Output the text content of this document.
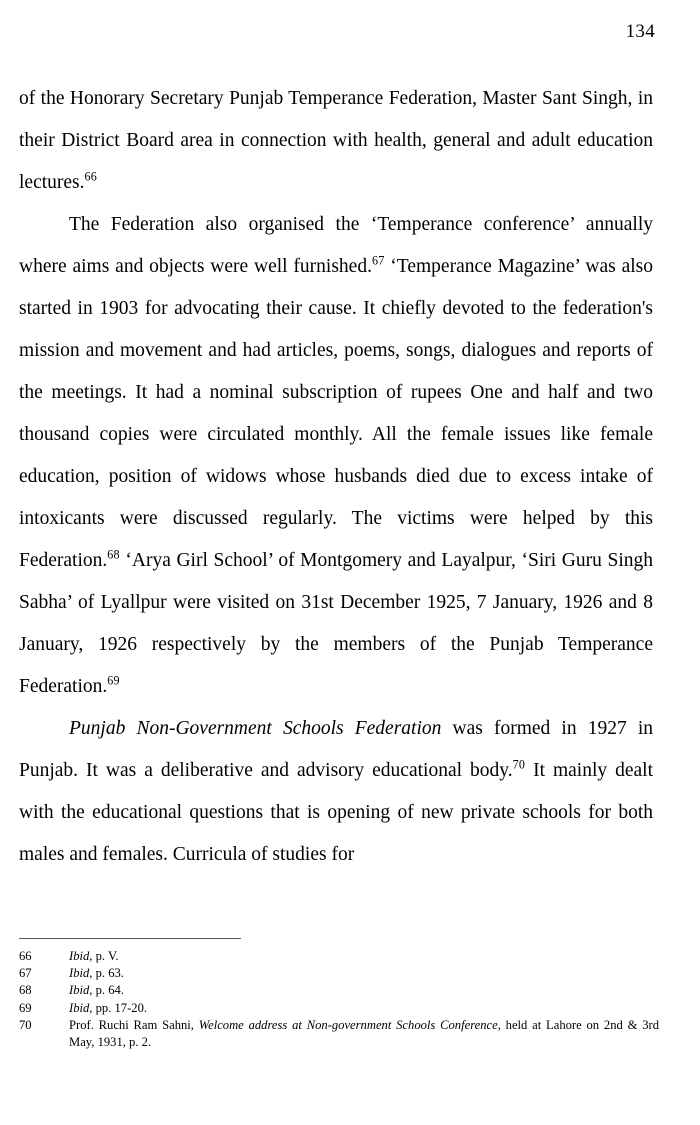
134

of the Honorary Secretary Punjab Temperance Federation, Master Sant Singh, in their District Board area in connection with health, general and adult education lectures.$^{66}$

The Federation also organised the ‘Temperance conference’ annually where aims and objects were well furnished.$^{67}$ ‘Temperance Magazine’ was also started in 1903 for advocating their cause. It chiefly devoted to the federation's mission and movement and had articles, poems, songs, dialogues and reports of the meetings. It had a nominal subscription of rupees One and half and two thousand copies were circulated monthly. All the female issues like female education, position of widows whose husbands died due to excess intake of intoxicants were discussed regularly. The victims were helped by this Federation.$^{68}$ ‘Arya Girl School’ of Montgomery and Layalpur, ‘Siri Guru Singh Sabha’ of Lyallpur were visited on 31st December 1925, 7 January, 1926 and 8 January, 1926 respectively by the members of the Punjab Temperance Federation.$^{69}$

Punjab Non-Government Schools Federation was formed in 1927 in Punjab. It was a deliberative and advisory educational body.$^{70}$ It mainly dealt with the educational questions that is opening of new private schools for both males and females. Curricula of studies for

66	Ibid, p. V.
67	Ibid, p. 63.
68	Ibid, p. 64.
69	Ibid, pp. 17-20.
70	Prof. Ruchi Ram Sahni, Welcome address at Non-government Schools Conference, held at Lahore on 2nd & 3rd May, 1931, p. 2.
